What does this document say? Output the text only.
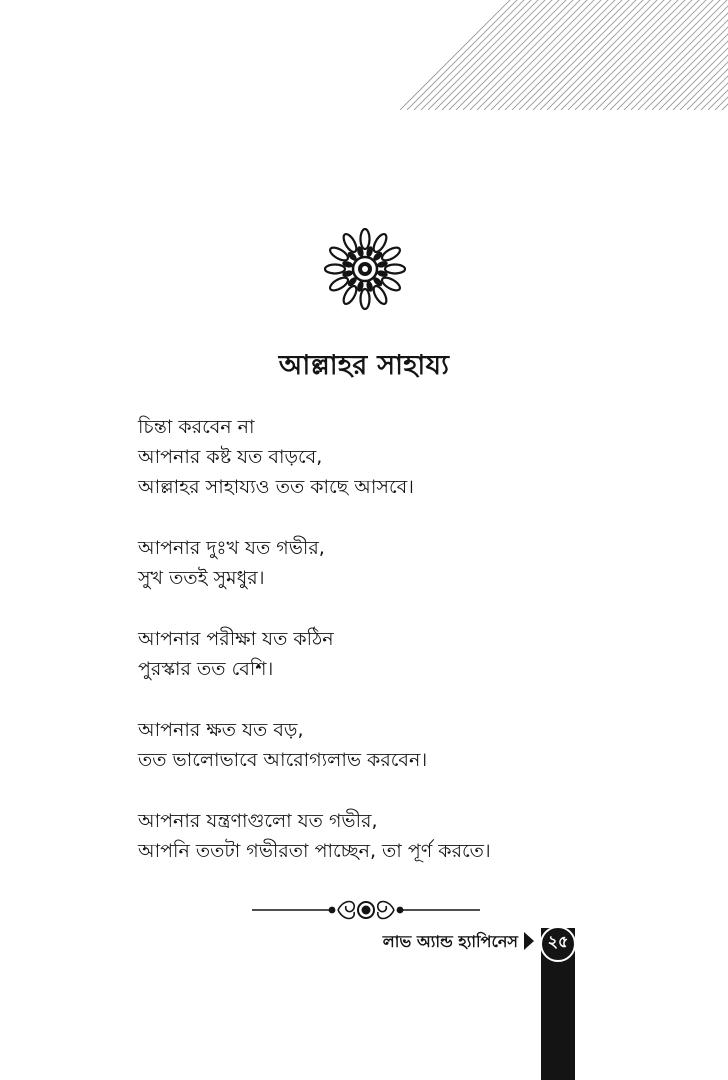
আল্লাহর সাহায্য
চিন্তা করবেন না
আপনার কষ্ট যত বাড়বে,
আল্লাহর সাহায্যও তত কাছে আসবে।
আপনার দুঃখ যত গভীর,
সুখ ততই সুমধুর।
আপনার পরীক্ষা যত কঠিন
পুরস্কার তত বেশি।
আপনার ক্ষত যত বড়,
তত ভালোভাবে আরোগ্যলাভ করবেন।
আপনার যন্ত্রণাগুলো যত গভীর,
আপনি ততটা গভীরতা পাচ্ছেন, তা পূর্ণ করতে।
লাভ অ্যান্ড হ্যাপিনেস	২৫
